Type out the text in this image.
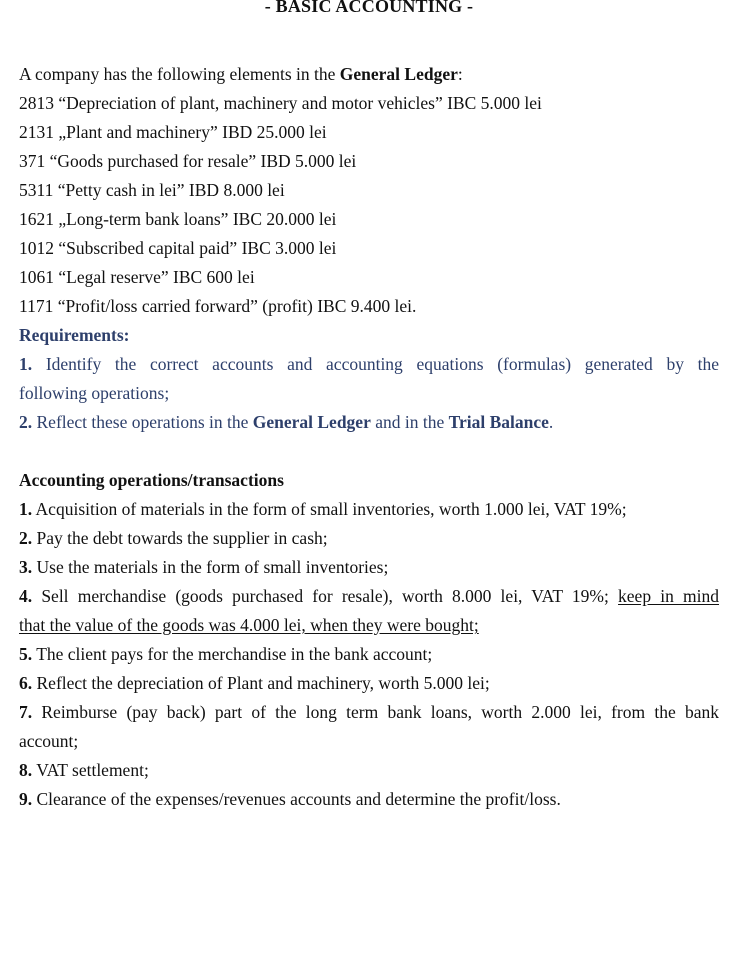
- BASIC ACCOUNTING -
A company has the following elements in the General Ledger:
2813 “Depreciation of plant, machinery and motor vehicles” IBC 5.000 lei
2131 „Plant and machinery” IBD 25.000 lei
371 “Goods purchased for resale” IBD 5.000 lei
5311 “Petty cash in lei” IBD 8.000 lei
1621 „Long-term bank loans” IBC 20.000 lei
1012 “Subscribed capital paid” IBC 3.000 lei
1061 “Legal reserve” IBC 600 lei
1171 “Profit/loss carried forward” (profit) IBC 9.400 lei.
Requirements:
1. Identify the correct accounts and accounting equations (formulas) generated by the
following operations;
2. Reflect these operations in the General Ledger and in the Trial Balance.
Accounting operations/transactions
1. Acquisition of materials in the form of small inventories, worth 1.000 lei, VAT 19%;
2. Pay the debt towards the supplier in cash;
3. Use the materials in the form of small inventories;
4. Sell merchandise (goods purchased for resale), worth 8.000 lei, VAT 19%; keep in mind
that the value of the goods was 4.000 lei, when they were bought;
5. The client pays for the merchandise in the bank account;
6. Reflect the depreciation of Plant and machinery, worth 5.000 lei;
7. Reimburse (pay back) part of the long term bank loans, worth 2.000 lei, from the bank
account;
8. VAT settlement;
9. Clearance of the expenses/revenues accounts and determine the profit/loss.
